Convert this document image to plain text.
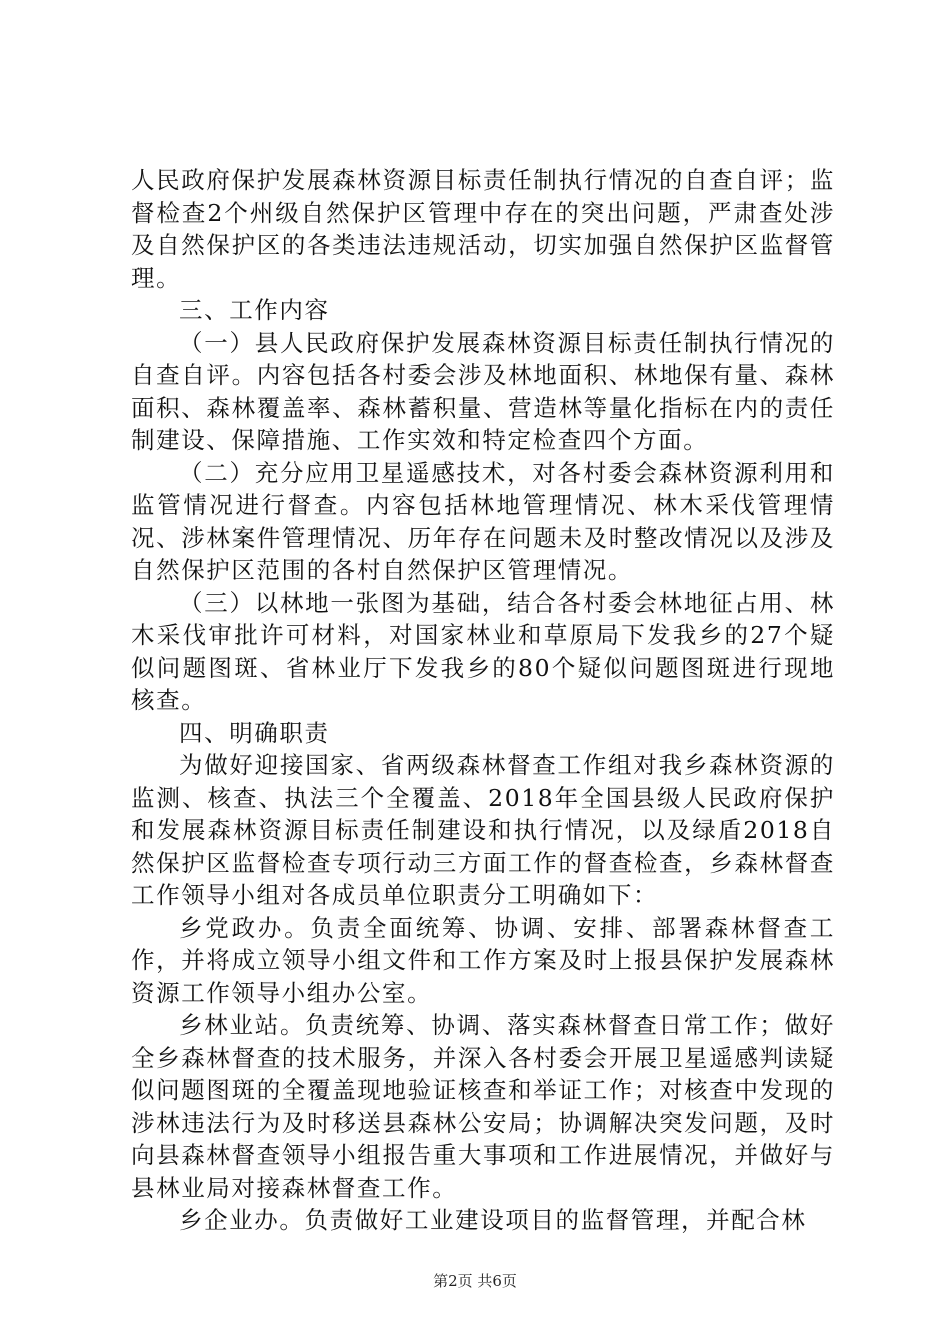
人民政府保护发展森林资源目标责任制执行情况的自查自评；监督检查2个州级自然保护区管理中存在的突出问题，严肃查处涉及自然保护区的各类违法违规活动，切实加强自然保护区监督管理。

三、工作内容

（一）县人民政府保护发展森林资源目标责任制执行情况的自查自评。内容包括各村委会涉及林地面积、林地保有量、森林面积、森林覆盖率、森林蓄积量、营造林等量化指标在内的责任制建设、保障措施、工作实效和特定检查四个方面。

（二）充分应用卫星遥感技术，对各村委会森林资源利用和监管情况进行督查。内容包括林地管理情况、林木采伐管理情况、涉林案件管理情况、历年存在问题未及时整改情况以及涉及自然保护区范围的各村自然保护区管理情况。

（三）以林地一张图为基础，结合各村委会林地征占用、林木采伐审批许可材料，对国家林业和草原局下发我乡的27个疑似问题图斑、省林业厅下发我乡的80个疑似问题图斑进行现地核查。

四、明确职责

为做好迎接国家、省两级森林督查工作组对我乡森林资源的监测、核查、执法三个全覆盖、2018年全国县级人民政府保护和发展森林资源目标责任制建设和执行情况，以及绿盾2018自然保护区监督检查专项行动三方面工作的督查检查，乡森林督查工作领导小组对各成员单位职责分工明确如下：

乡党政办。负责全面统筹、协调、安排、部署森林督查工作，并将成立领导小组文件和工作方案及时上报县保护发展森林资源工作领导小组办公室。

乡林业站。负责统筹、协调、落实森林督查日常工作；做好全乡森林督查的技术服务，并深入各村委会开展卫星遥感判读疑似问题图斑的全覆盖现地验证核查和举证工作；对核查中发现的涉林违法行为及时移送县森林公安局；协调解决突发问题，及时向县森林督查领导小组报告重大事项和工作进展情况，并做好与县林业局对接森林督查工作。

乡企业办。负责做好工业建设项目的监督管理，并配合林

第2页 共6页
